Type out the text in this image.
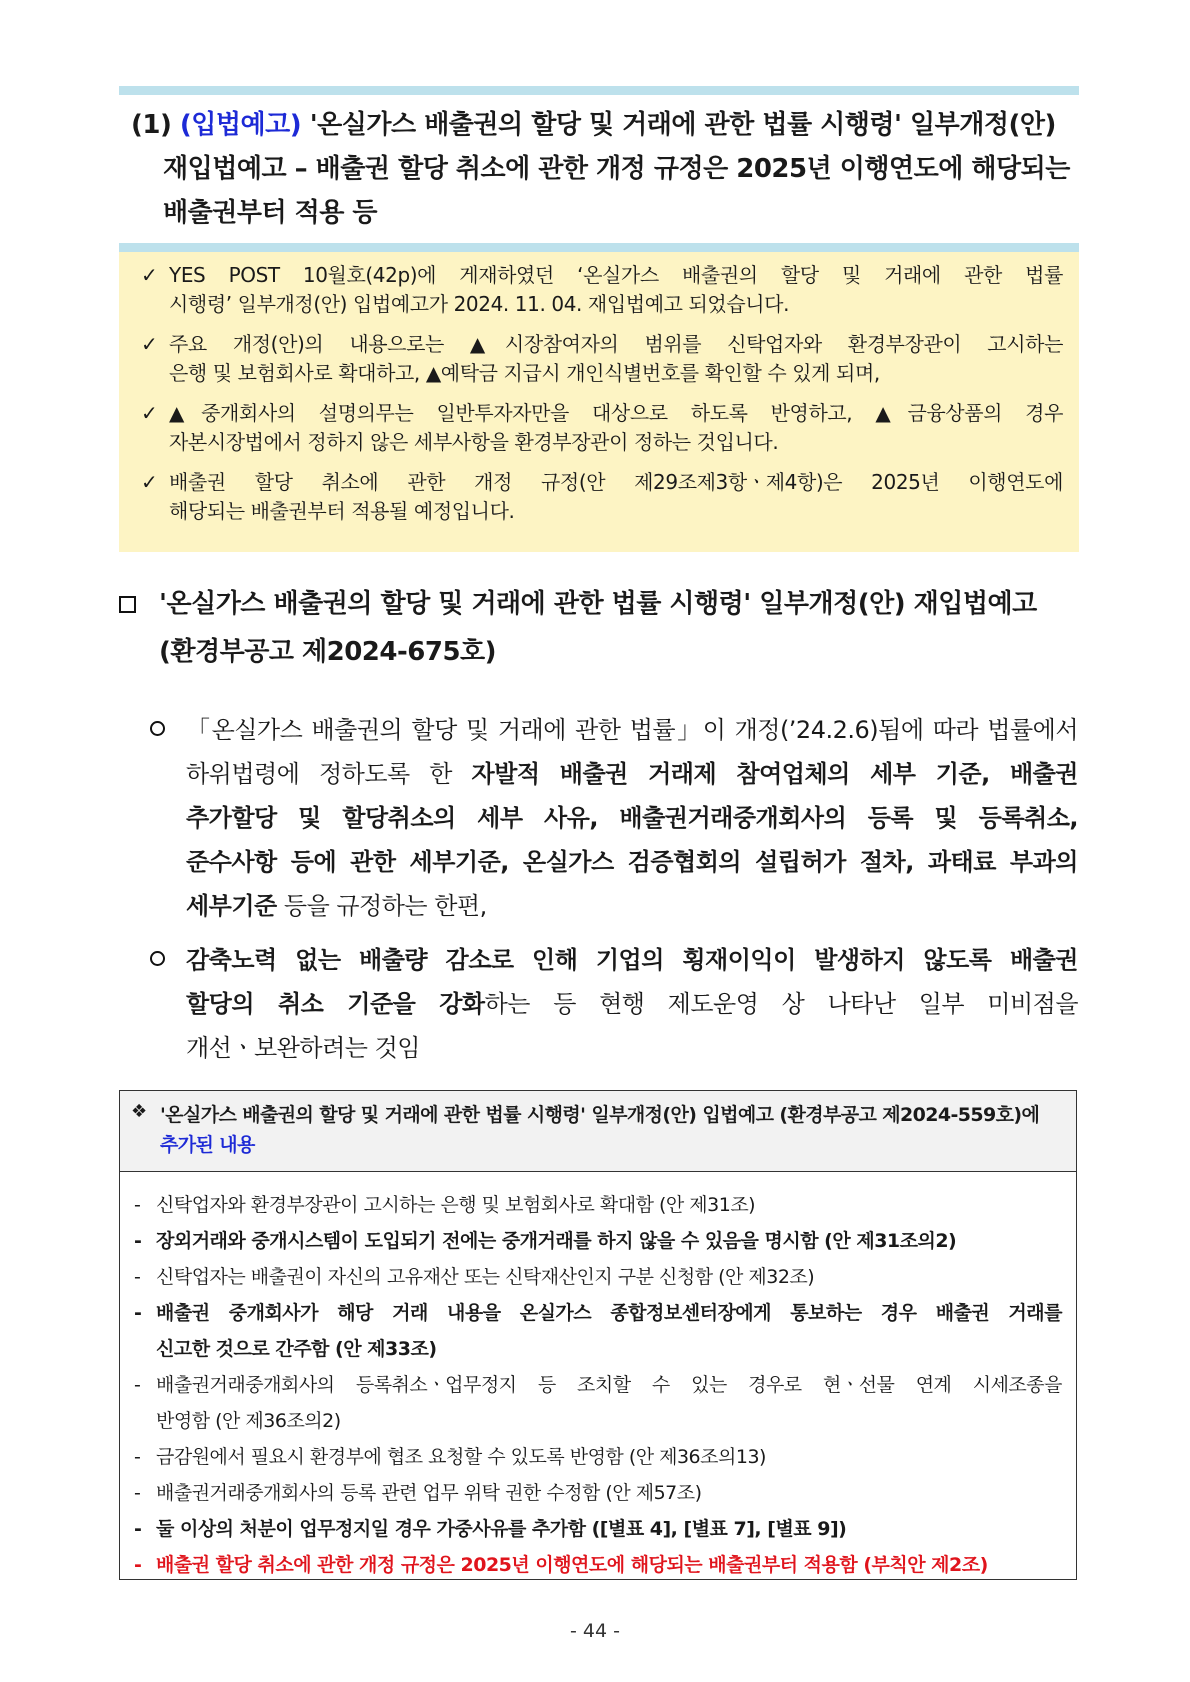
(1) (입법예고) '온실가스 배출권의 할당 및 거래에 관한 법률 시행령' 일부개정(안)
재입법예고 – 배출권 할당 취소에 관한 개정 규정은 2025년 이행연도에 해당되는
배출권부터 적용 등
✓ YES POST 10월호(42p)에 게재하였던 ‘온실가스 배출권의 할당 및 거래에 관한 법률
시행령’ 일부개정(안) 입법예고가 2024. 11. 04. 재입법예고 되었습니다.
✓ 주요 개정(안)의 내용으로는 ▲시장참여자의 범위를 신탁업자와 환경부장관이 고시하는
은행 및 보험회사로 확대하고, ▲예탁금 지급시 개인식별번호를 확인할 수 있게 되며,
✓ ▲중개회사의 설명의무는 일반투자자만을 대상으로 하도록 반영하고, ▲금융상품의 경우
자본시장법에서 정하지 않은 세부사항을 환경부장관이 정하는 것입니다.
✓ 배출권 할당 취소에 관한 개정 규정(안 제29조제3항ㆍ제4항)은 2025년 이행연도에
해당되는 배출권부터 적용될 예정입니다.
'온실가스 배출권의 할당 및 거래에 관한 법률 시행령' 일부개정(안) 재입법예고
(환경부공고 제2024-675호)
「온실가스 배출권의 할당 및 거래에 관한 법률」이 개정(’24.2.6)됨에 따라 법률에서
하위법령에 정하도록 한 자발적 배출권 거래제 참여업체의 세부 기준, 배출권
추가할당 및 할당취소의 세부 사유, 배출권거래중개회사의 등록 및 등록취소,
준수사항 등에 관한 세부기준, 온실가스 검증협회의 설립허가 절차, 과태료 부과의
세부기준 등을 규정하는 한편,
감축노력 없는 배출량 감소로 인해 기업의 횡재이익이 발생하지 않도록 배출권
할당의 취소 기준을 강화하는 등 현행 제도운영 상 나타난 일부 미비점을
개선ㆍ보완하려는 것임
❖ '온실가스 배출권의 할당 및 거래에 관한 법률 시행령' 일부개정(안) 입법예고 (환경부공고 제2024-559호)에
추가된 내용
- 신탁업자와 환경부장관이 고시하는 은행 및 보험회사로 확대함 (안 제31조)
- 장외거래와 중개시스템이 도입되기 전에는 중개거래를 하지 않을 수 있음을 명시함 (안 제31조의2)
- 신탁업자는 배출권이 자신의 고유재산 또는 신탁재산인지 구분 신청함 (안 제32조)
- 배출권 중개회사가 해당 거래 내용을 온실가스 종합정보센터장에게 통보하는 경우 배출권 거래를
신고한 것으로 간주함 (안 제33조)
- 배출권거래중개회사의 등록취소ㆍ업무정지 등 조치할 수 있는 경우로 현ㆍ선물 연계 시세조종을
반영함 (안 제36조의2)
- 금감원에서 필요시 환경부에 협조 요청할 수 있도록 반영함 (안 제36조의13)
- 배출권거래중개회사의 등록 관련 업무 위탁 권한 수정함 (안 제57조)
- 둘 이상의 처분이 업무정지일 경우 가중사유를 추가함 ([별표 4], [별표 7], [별표 9])
- 배출권 할당 취소에 관한 개정 규정은 2025년 이행연도에 해당되는 배출권부터 적용함 (부칙안 제2조)
- 44 -
